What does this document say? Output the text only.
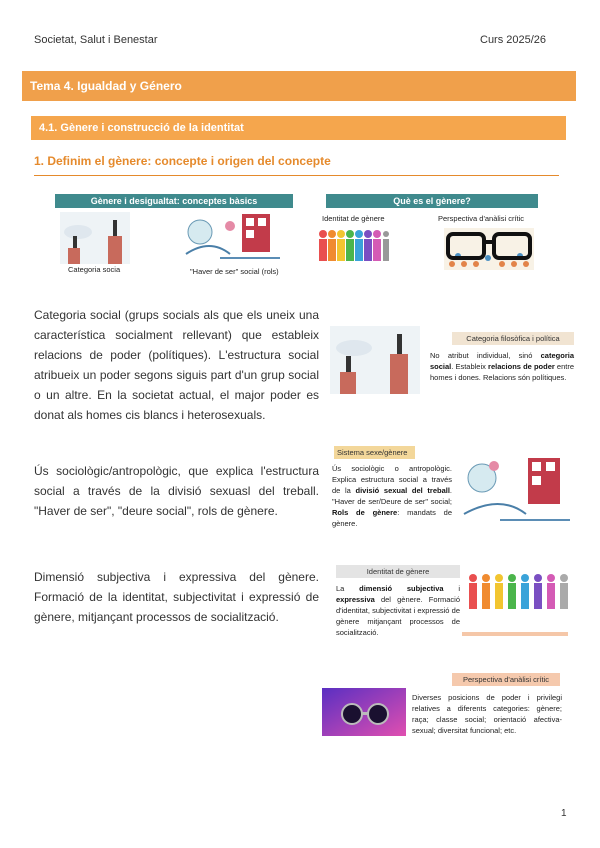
Societat, Salut i Benestar	Curs 2025/26
Tema 4. Igualdad y Género
4.1. Gènere i construcció de la identitat
1. Definim el gènere: concepte i origen del concepte
Gènere i desigualtat: conceptes bàsics	Què es el gènere?
Categoria socia	"Haver de ser" social (rols)
Identitat de gènere	Perspectiva d'anàlisi crític
Categoria social (grups socials als que els uneix una característica socialment rellevant) que estableix relacions de poder (polítiques). L'estructura social atribueix un poder segons siguis part d'un grup social o un altre. En la societat actual, el major poder es donat als homes cis blancs i heterosexuals.
Categoria filosòfica i política
No atribut individual, sinó categoria social. Estableix relacions de poder entre homes i dones. Relacions són polítiques.
Ús sociològic/antropològic, que explica l'estructura social a través de la divisió sexuasl del treball. "Haver de ser", "deure social", rols de gènere.
Sistema sexe/gènere
Ús sociològic o antropològic. Explica estructura social a través de la divisió sexual del treball. "Haver de ser/Deure de ser" social; Rols de gènere: mandats de gènere.
Dimensió subjectiva i expressiva del gènere. Formació de la identitat, subjectivitat i expressió de gènere, mitjançant processos de socialització.
Identitat de gènere
La dimensió subjectiva i expressiva del gènere. Formació d'identitat, subjectivitat i expressió de gènere mitjançant processos de socialització.
Perspectiva d'anàlisi crític
Diverses posicions de poder i privilegi relatives a diferents categories: gènere; raça; classe social; orientació afectiva-sexual; diversitat funcional; etc.
1
